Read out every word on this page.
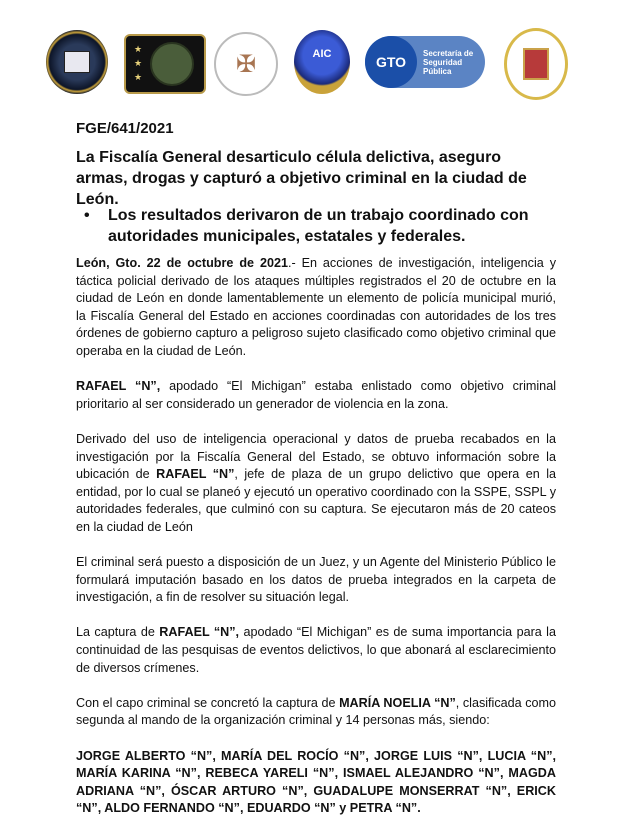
★
★
★	✠	AIC	GTO
Secretaría de Seguridad Pública
FGE/641/2021
La Fiscalía General desarticulo célula delictiva, aseguro armas, drogas y capturó a objetivo criminal en la ciudad de León.
•	Los resultados derivaron de un trabajo coordinado con autoridades municipales, estatales y federales.

León, Gto. 22 de octubre de 2021.- En acciones de investigación, inteligencia y táctica policial derivado de los ataques múltiples registrados el 20 de octubre en la ciudad de León en donde lamentablemente un elemento de policía municipal murió, la Fiscalía General del Estado en acciones coordinadas con autoridades de los tres órdenes de gobierno capturo a peligroso sujeto clasificado como objetivo criminal que operaba en la ciudad de León.

RAFAEL “N”, apodado “El Michigan” estaba enlistado como objetivo criminal prioritario al ser considerado un generador de violencia en la zona.

Derivado del uso de inteligencia operacional y datos de prueba recabados en la investigación por la Fiscalía General del Estado, se obtuvo información sobre la ubicación de RAFAEL “N”, jefe de plaza de un grupo delictivo que opera en la entidad, por lo cual se planeó y ejecutó un operativo coordinado con la SSPE, SSPL y autoridades federales, que culminó con su captura. Se ejecutaron más de 20 cateos en la ciudad de León

El criminal será puesto a disposición de un Juez, y un Agente del Ministerio Público le formulará imputación basado en los datos de prueba integrados en la carpeta de investigación, a fin de resolver su situación legal.

La captura de RAFAEL “N”, apodado “El Michigan” es de suma importancia para la continuidad de las pesquisas de eventos delictivos, lo que abonará al esclarecimiento de diversos crímenes.

Con el capo criminal se concretó la captura de MARÍA NOELIA “N”, clasificada como segunda al mando de la organización criminal y 14 personas más, siendo:

JORGE ALBERTO “N”, MARÍA DEL ROCÍO “N”, JORGE LUIS “N”, LUCIA “N”, MARÍA KARINA “N”, REBECA YARELI “N”, ISMAEL ALEJANDRO “N”, MAGDA ADRIANA “N”, ÓSCAR ARTURO “N”, GUADALUPE MONSERRAT “N”, ERICK “N”, ALDO FERNANDO “N”, EDUARDO “N” y PETRA “N”.
